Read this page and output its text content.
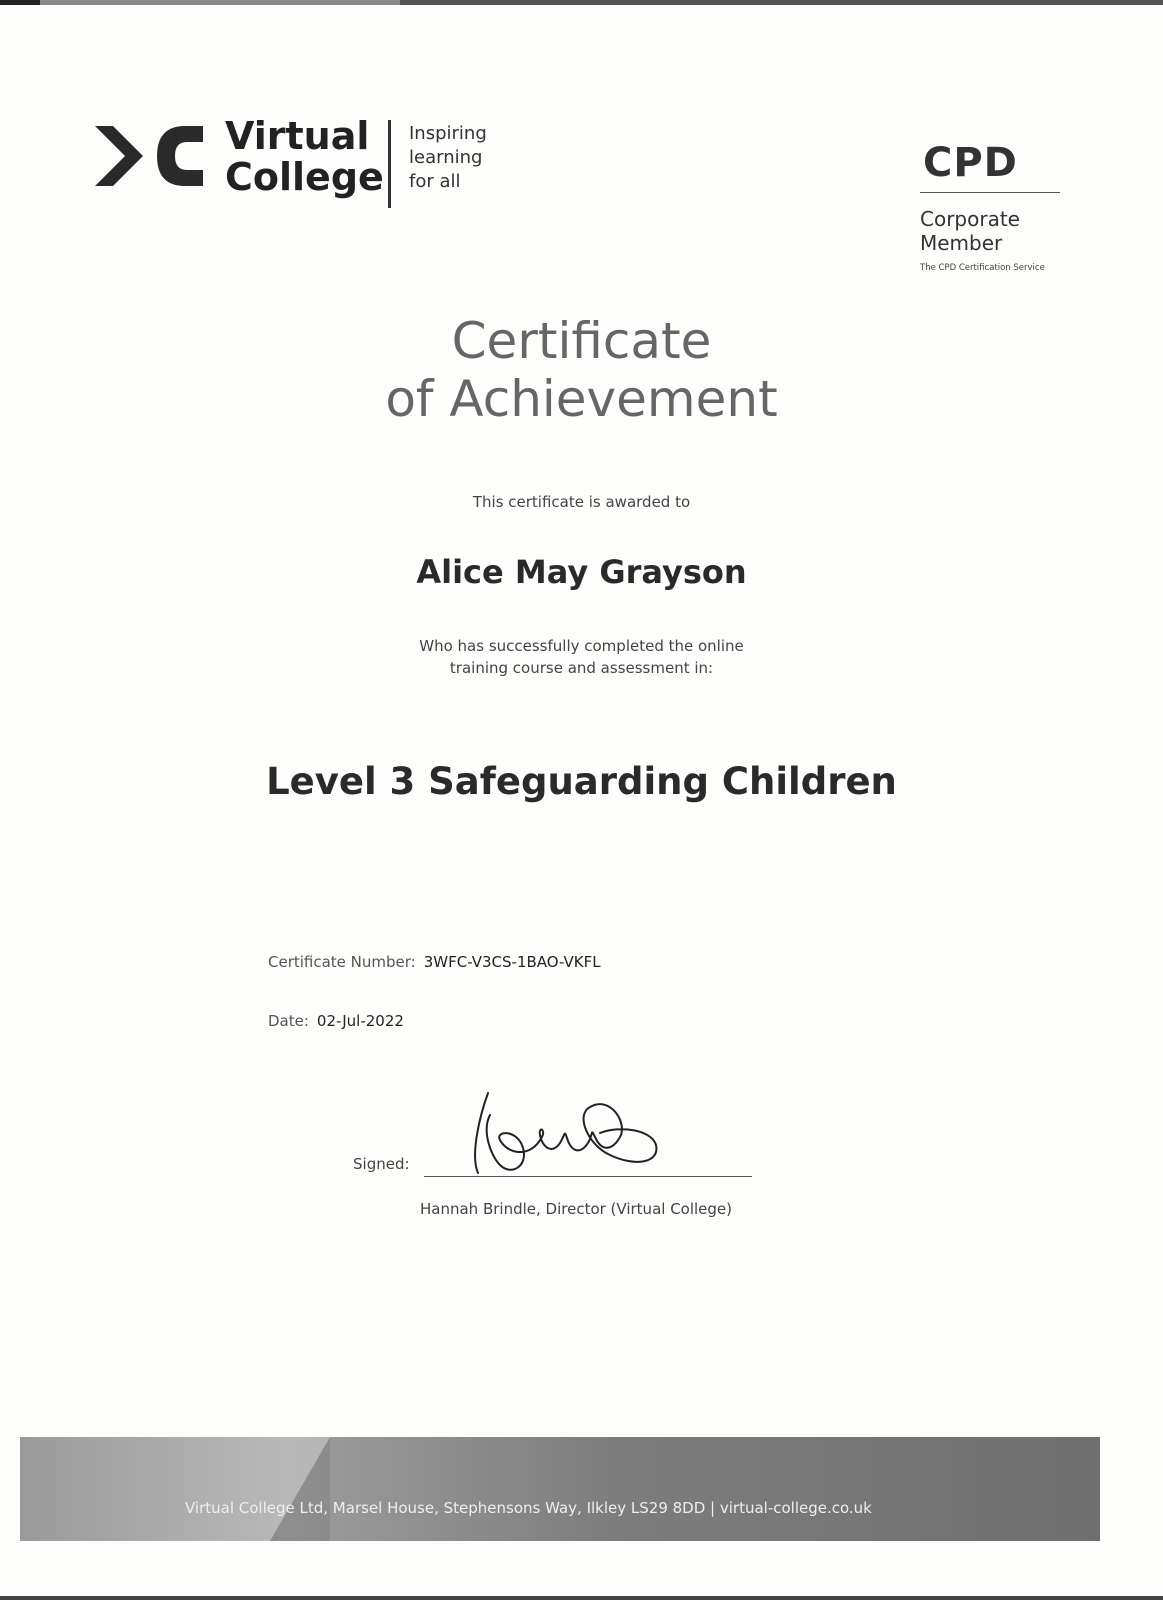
Virtual
College
Inspiring
learning
for all	CPD
Corporate
Member
The CPD Certification Service
Certificate
of Achievement
This certificate is awarded to
Alice May Grayson
Who has successfully completed the online
training course and assessment in:
Level 3 Safeguarding Children
Certificate Number: 3WFC-V3CS-1BAO-VKFL
Date: 02-Jul-2022
Signed:
Hannah Brindle, Director (Virtual College)
Virtual College Ltd, Marsel House, Stephensons Way, Ilkley LS29 8DD | virtual-college.co.uk
